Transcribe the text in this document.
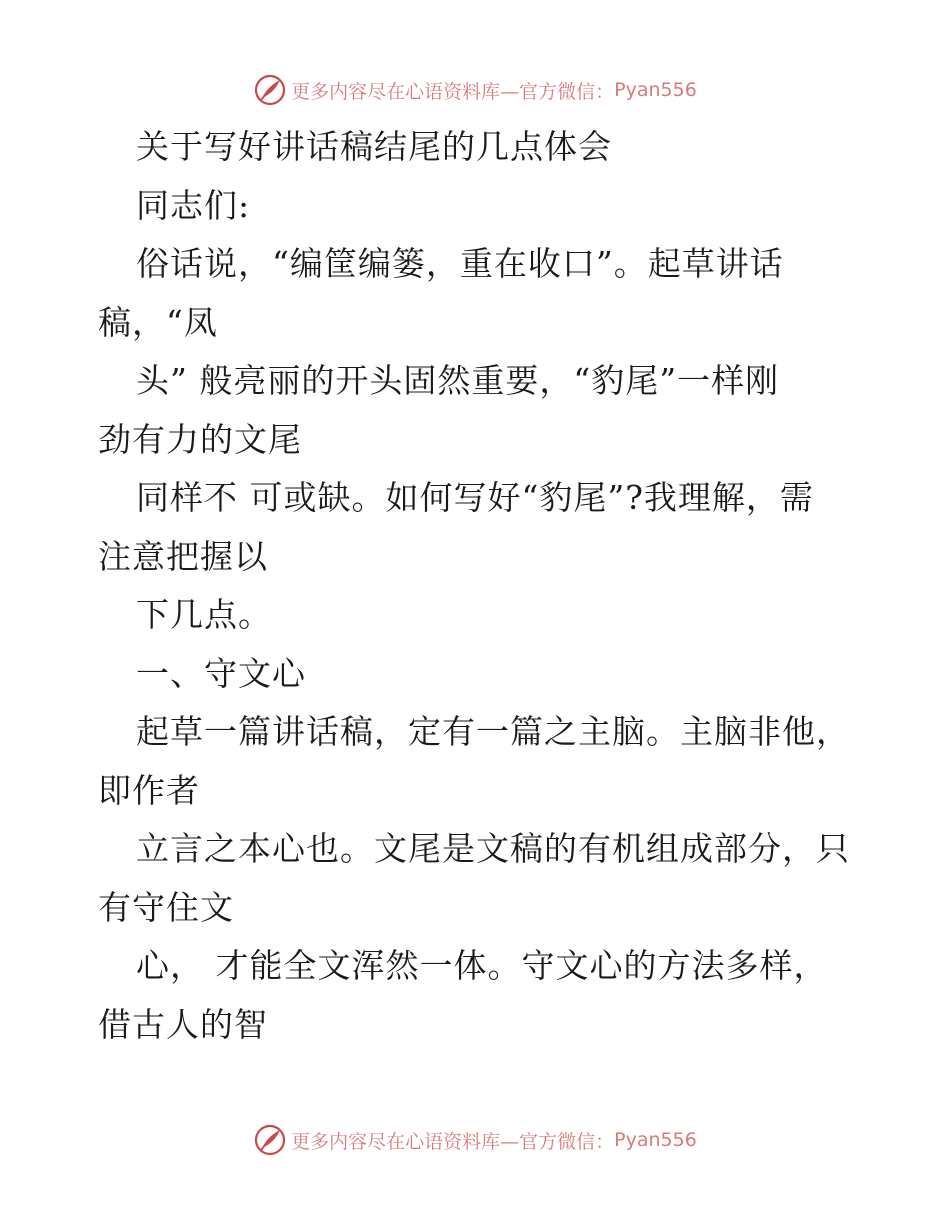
更多内容尽在心语资料库—官方微信： Pyan556
关于写好讲话稿结尾的几点体会
同志们:
俗话说，“编筐编篓，重在收口”。起草讲话
稿，“凤
头” 般亮丽的开头固然重要，“豹尾”一样刚
劲有力的文尾
同样不 可或缺。如何写好“豹尾”?我理解，需
注意把握以
下几点。
一、守文心
起草一篇讲话稿，定有一篇之主脑。主脑非他，
即作者
立言之本心也。文尾是文稿的有机组成部分，只
有守住文
心， 才能全文浑然一体。守文心的方法多样，
借古人的智
更多内容尽在心语资料库—官方微信： Pyan556
